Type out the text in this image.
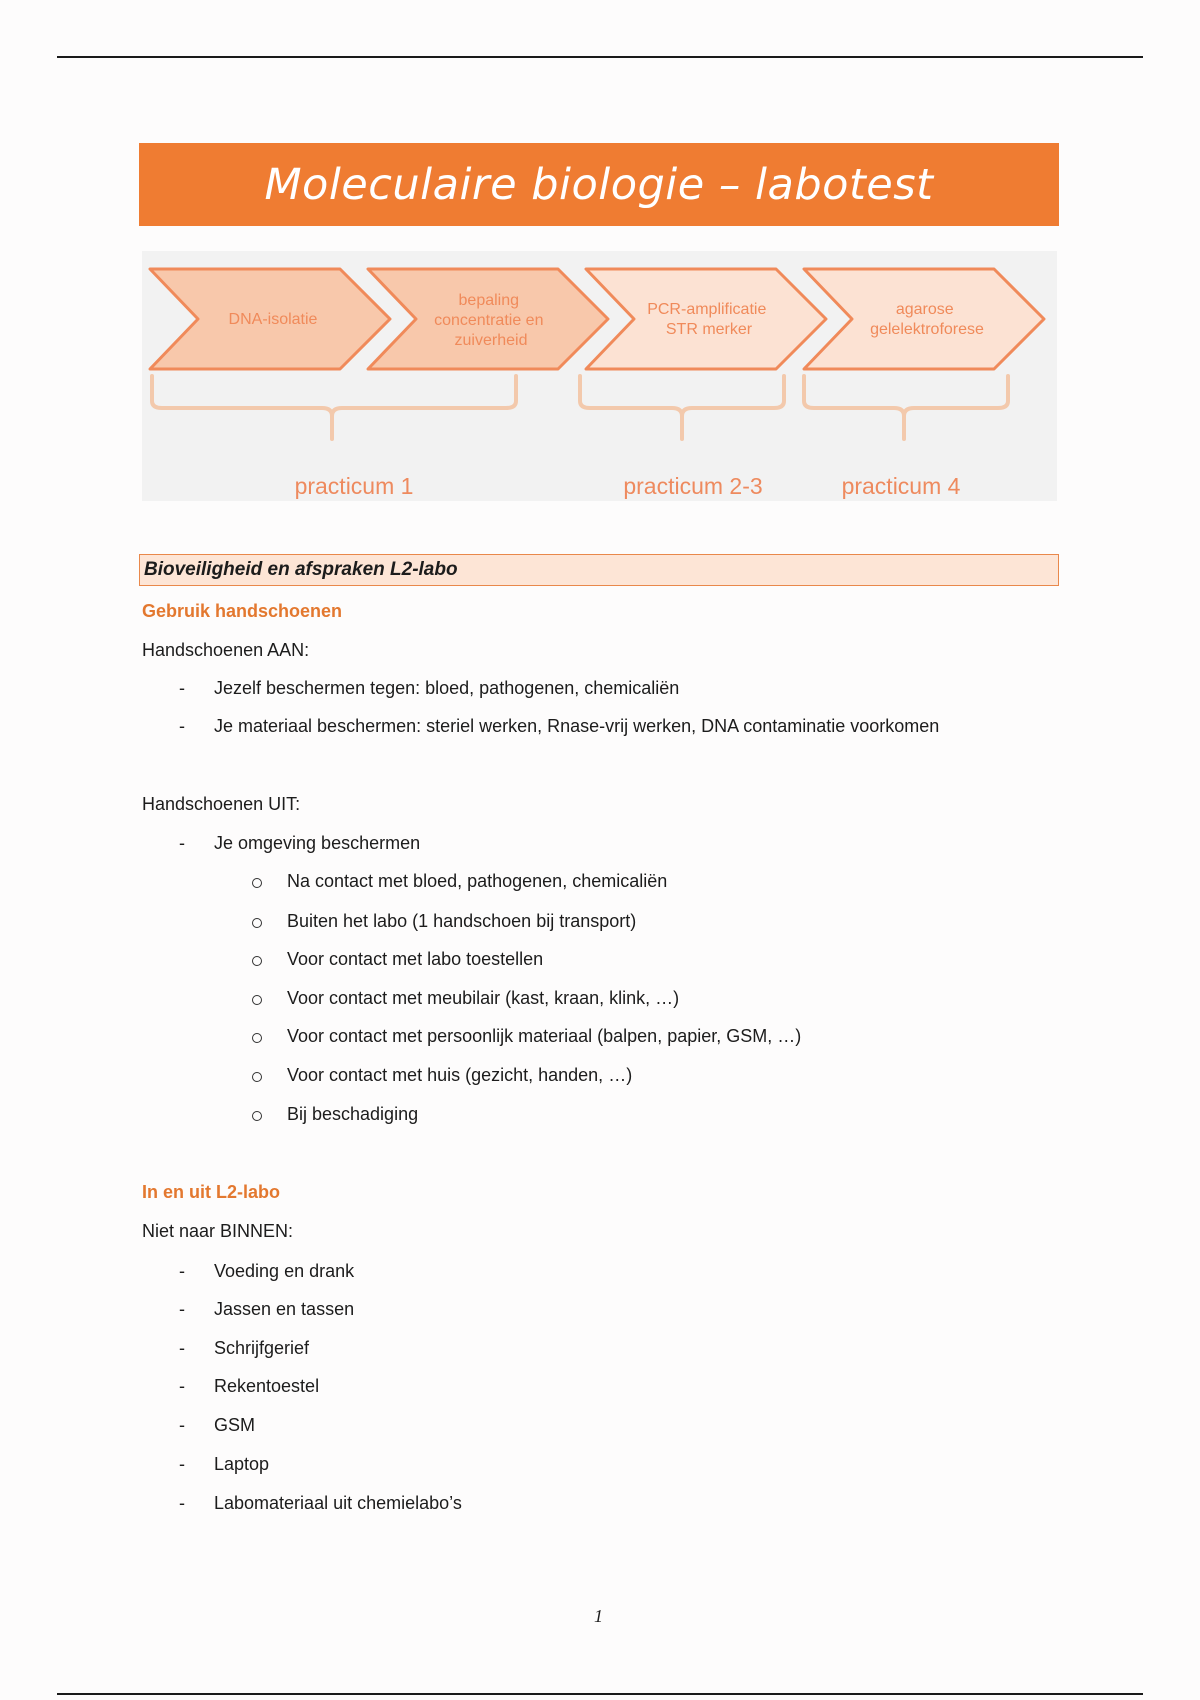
Moleculaire biologie – labotest
DNA-isolatie
bepaling concentratie en zuiverheid
PCR-amplificatie STR merker
agarose gelelektroforese
practicum 1	practicum 2-3	practicum 4
Bioveiligheid en afspraken L2-labo
Gebruik handschoenen
Handschoenen AAN:
- Jezelf beschermen tegen: bloed, pathogenen, chemicaliën
- Je materiaal beschermen: steriel werken, Rnase-vrij werken, DNA contaminatie voorkomen
Handschoenen UIT:
- Je omgeving beschermen
Na contact met bloed, pathogenen, chemicaliën
Buiten het labo (1 handschoen bij transport)
Voor contact met labo toestellen
Voor contact met meubilair (kast, kraan, klink, …)
Voor contact met persoonlijk materiaal (balpen, papier, GSM, …)
Voor contact met huis (gezicht, handen, …)
Bij beschadiging
In en uit L2-labo
Niet naar BINNEN:
- Voeding en drank
- Jassen en tassen
- Schrijfgerief
- Rekentoestel
- GSM
- Laptop
- Labomateriaal uit chemielabo’s
1
